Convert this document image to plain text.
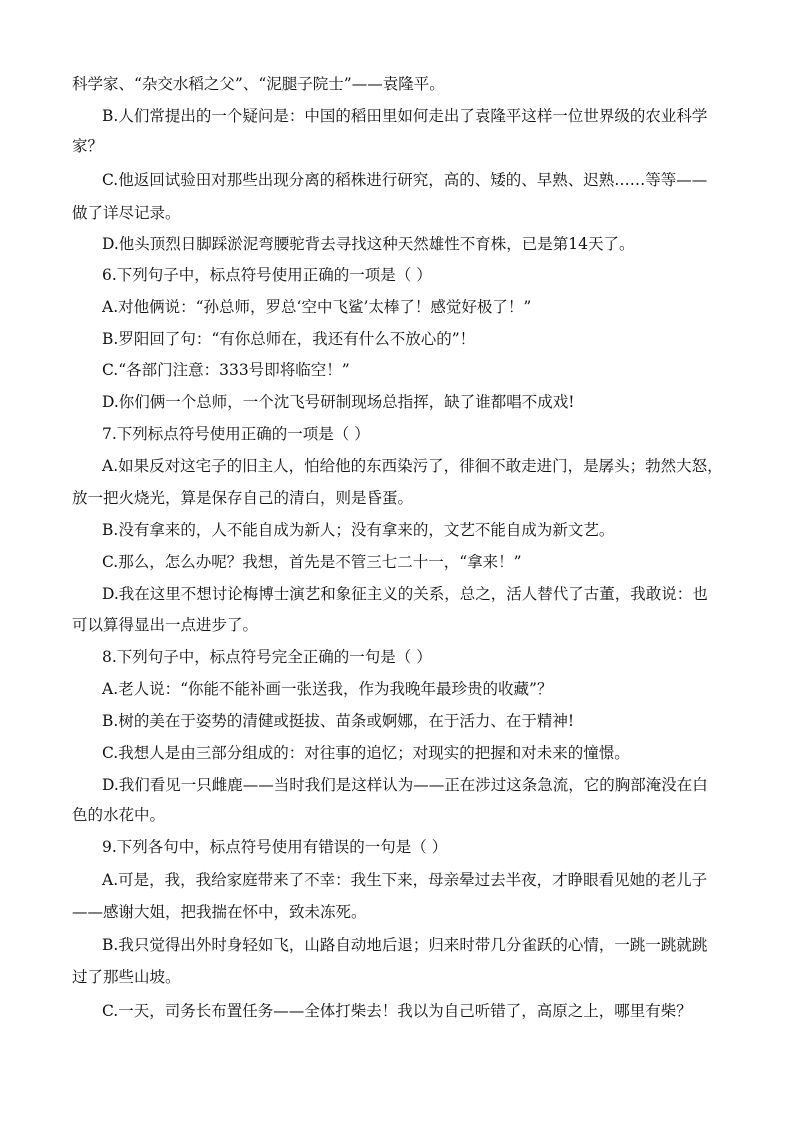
科学家、“杂交水稻之父”、“泥腿子院士”——袁隆平。
B.人们常提出的一个疑问是：中国的稻田里如何走出了袁隆平这样一位世界级的农业科学
家？
C.他返回试验田对那些出现分离的稻株进行研究，高的、矮的、早熟、迟熟……等等——
做了详尽记录。
D.他头顶烈日脚踩淤泥弯腰驼背去寻找这种天然雄性不育株，已是第14天了。
6.下列句子中，标点符号使用正确的一项是（ ）
A.对他俩说：“孙总师，罗总‘空中飞鲨’太棒了！感觉好极了！”
B.罗阳回了句：“有你总师在，我还有什么不放心的”！
C.“各部门注意：333号即将临空！”
D.你们俩一个总师，一个沈飞号研制现场总指挥，缺了谁都唱不成戏!
7.下列标点符号使用正确的一项是（ ）
A.如果反对这宅子的旧主人，怕给他的东西染污了，徘徊不敢走进门，是孱头；勃然大怒，
放一把火烧光，算是保存自己的清白，则是昏蛋。
B.没有拿来的，人不能自成为新人；没有拿来的，文艺不能自成为新文艺。
C.那么，怎么办呢？我想，首先是不管三七二十一，“拿来！”
D.我在这里不想讨论梅博士演艺和象征主义的关系，总之，活人替代了古董，我敢说：也
可以算得显出一点进步了。
8.下列句子中，标点符号完全正确的一句是（ ）
A.老人说：“你能不能补画一张送我，作为我晚年最珍贵的收藏”？
B.树的美在于姿势的清健或挺拔、苗条或婀娜，在于活力、在于精神!
C.我想人是由三部分组成的：对往事的追忆；对现实的把握和对未来的憧憬。
D.我们看见一只雌鹿——当时我们是这样认为——正在涉过这条急流，它的胸部淹没在白
色的水花中。
9.下列各句中，标点符号使用有错误的一句是（ ）
A.可是，我，我给家庭带来了不幸：我生下来，母亲晕过去半夜，才睁眼看见她的老儿子
——感谢大姐，把我揣在怀中，致未冻死。
B.我只觉得出外时身轻如飞，山路自动地后退；归来时带几分雀跃的心情，一跳一跳就跳
过了那些山坡。
C.一天，司务长布置任务——全体打柴去！我以为自己听错了，高原之上，哪里有柴？
